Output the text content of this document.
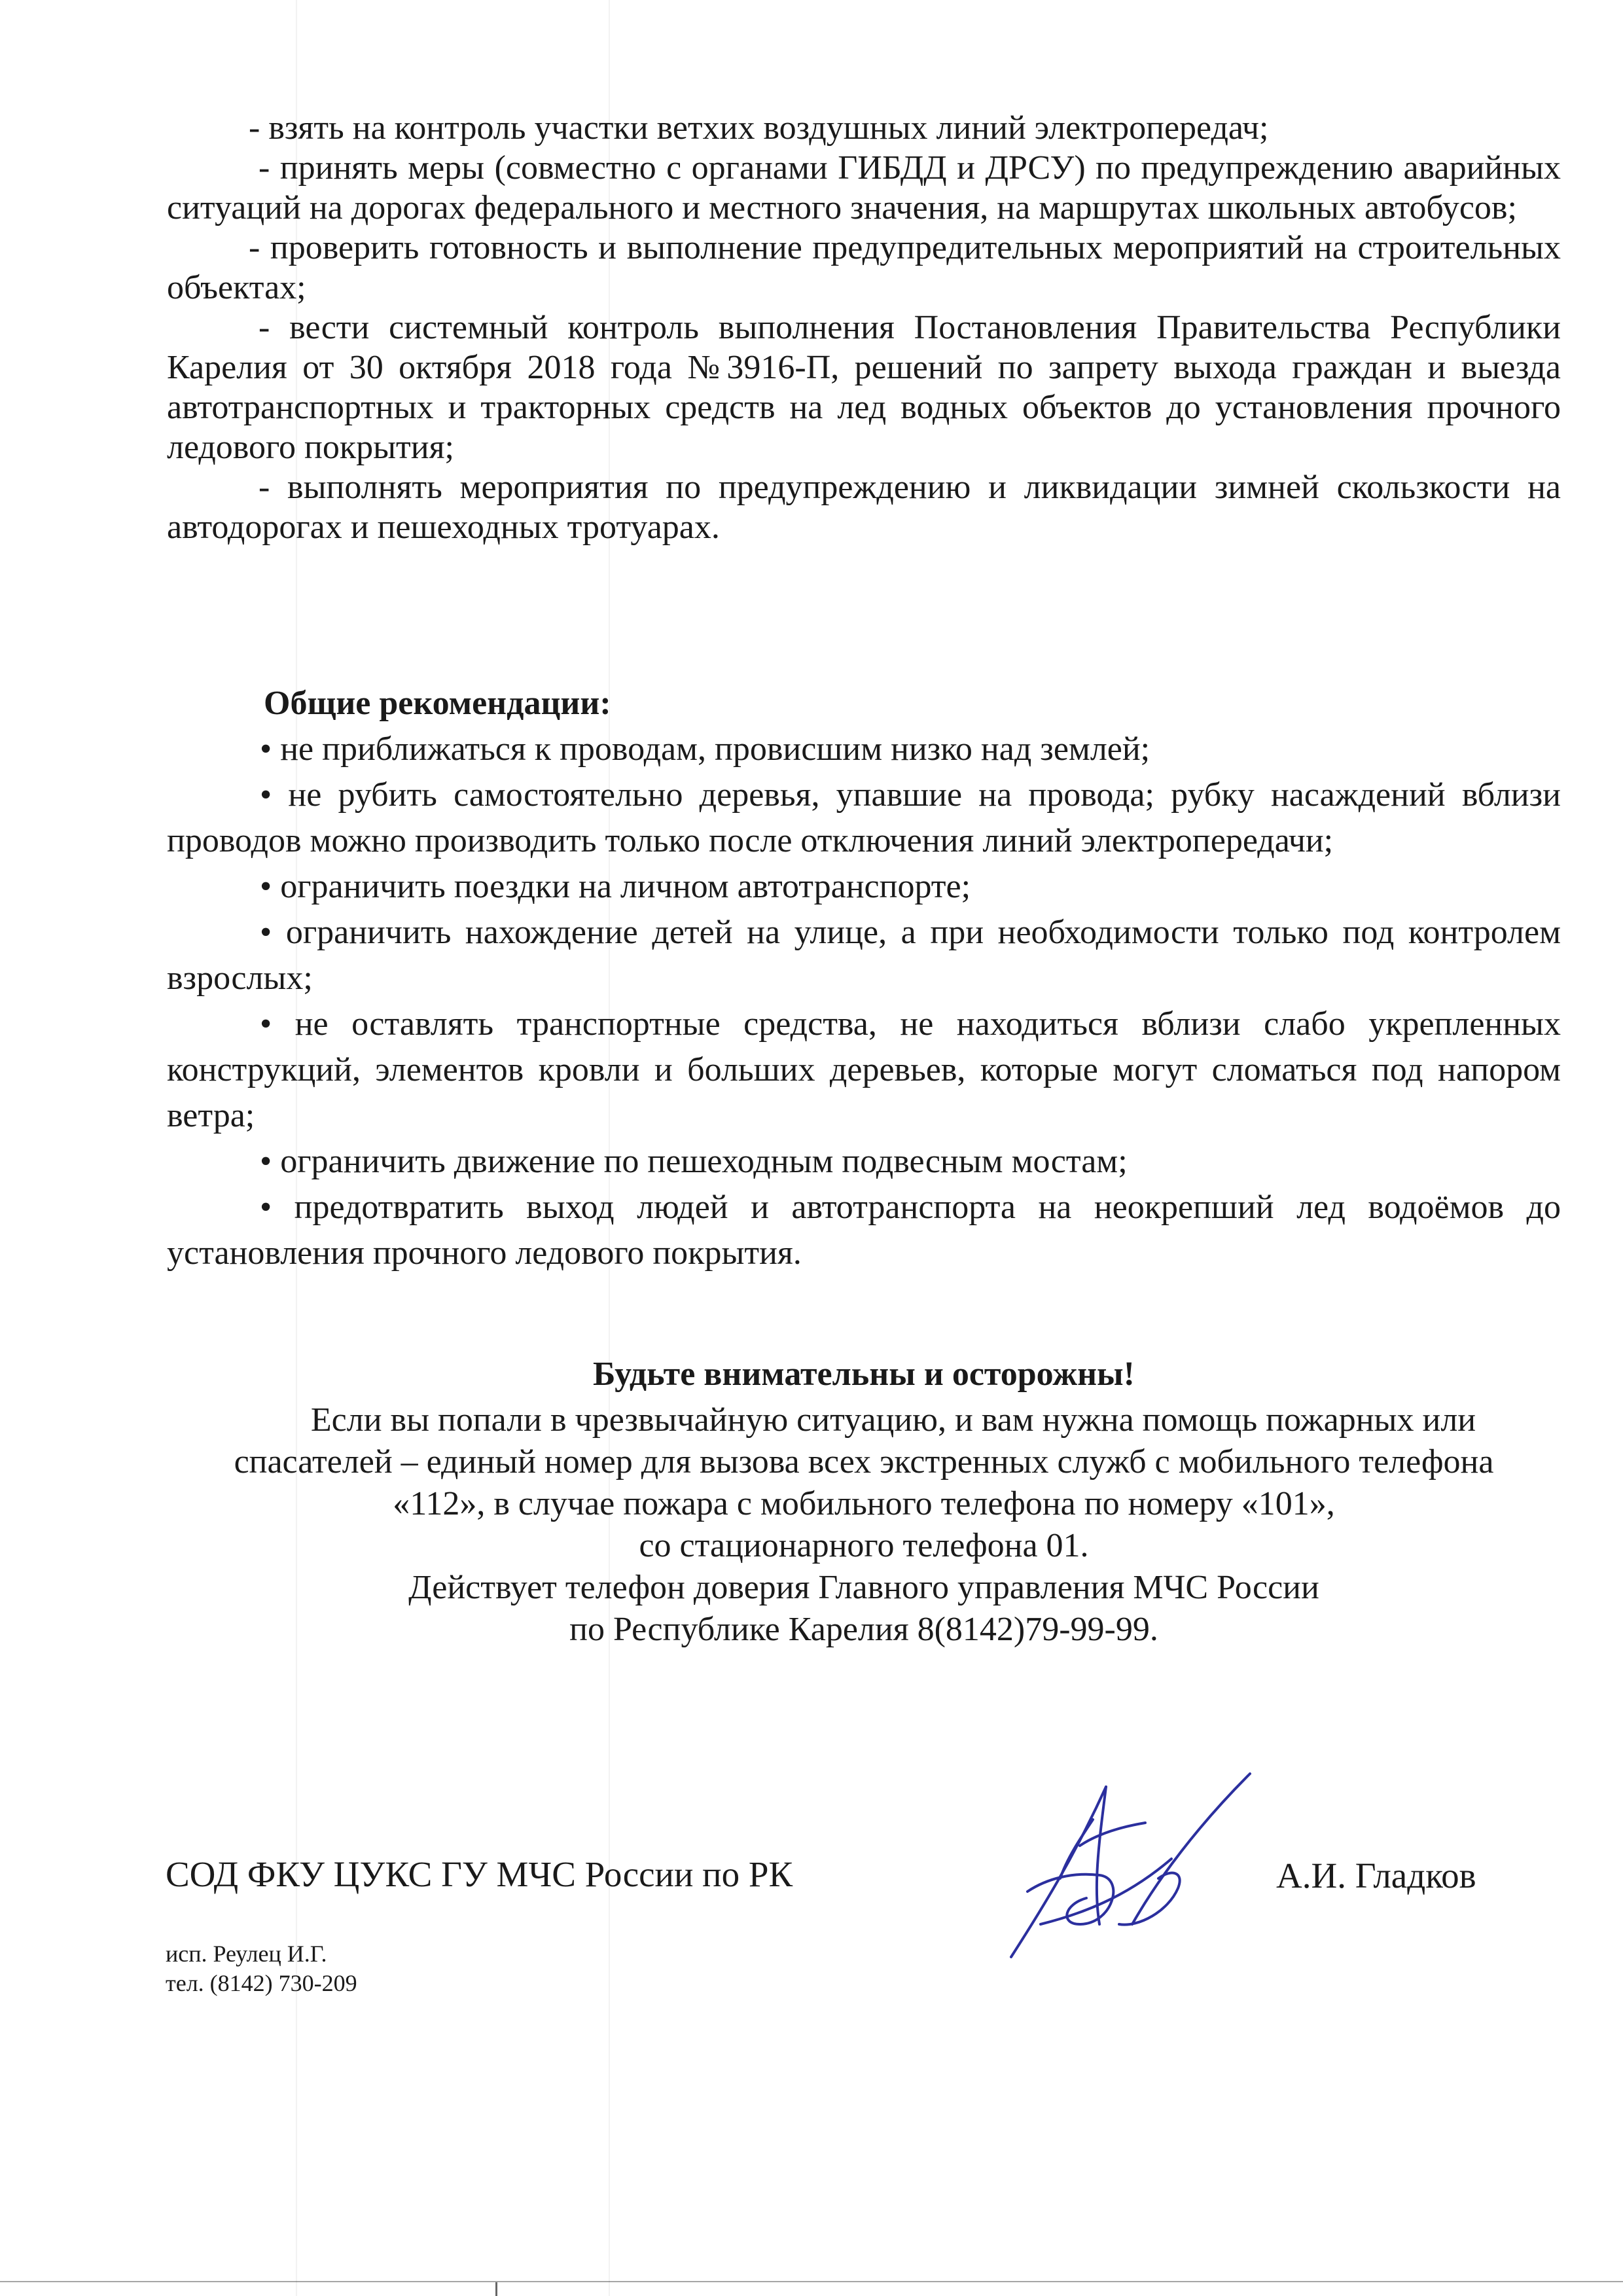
- взять на контроль участки ветхих воздушных линий электропередач;

- принять меры (совместно с органами ГИБДД и ДРСУ) по предупреждению аварийных ситуаций на дорогах федерального и местного значения, на маршрутах школьных автобусов;

- проверить готовность и выполнение предупредительных мероприятий на строительных объектах;

- вести системный контроль выполнения Постановления Правительства Республики Карелия от 30 октября 2018 года №3916-П, решений по запрету выхода граждан и выезда автотранспортных и тракторных средств на лед водных объектов до установления прочного ледового покрытия;

- выполнять мероприятия по предупреждению и ликвидации зимней скользкости на автодорогах и пешеходных тротуарах.

Общие рекомендации:

• не приближаться к проводам, провисшим низко над землей;

• не рубить самостоятельно деревья, упавшие на провода; рубку насаждений вблизи проводов можно производить только после отключения линий электропередачи;

• ограничить поездки на личном автотранспорте;

• ограничить нахождение детей на улице, а при необходимости только под контролем взрослых;

• не оставлять транспортные средства, не находиться вблизи слабо укрепленных конструкций, элементов кровли и больших деревьев, которые могут сломаться под напором ветра;

• ограничить движение по пешеходным подвесным мостам;

• предотвратить выход людей и автотранспорта на неокрепший лед водоёмов до установления прочного ледового покрытия.

Будьте внимательны и осторожны!

Если вы попали в чрезвычайную ситуацию, и вам нужна помощь пожарных или

спасателей – единый номер для вызова всех экстренных служб с мобильного телефона

«112», в случае пожара с мобильного телефона по номеру «101»,

со стационарного телефона 01.

Действует телефон доверия Главного управления МЧС России

по Республике Карелия 8(8142)79-99-99.

СОД ФКУ ЦУКС ГУ МЧС России по РК	А.И. Гладков
исп. Реулец И.Г.
тел. (8142) 730-209
